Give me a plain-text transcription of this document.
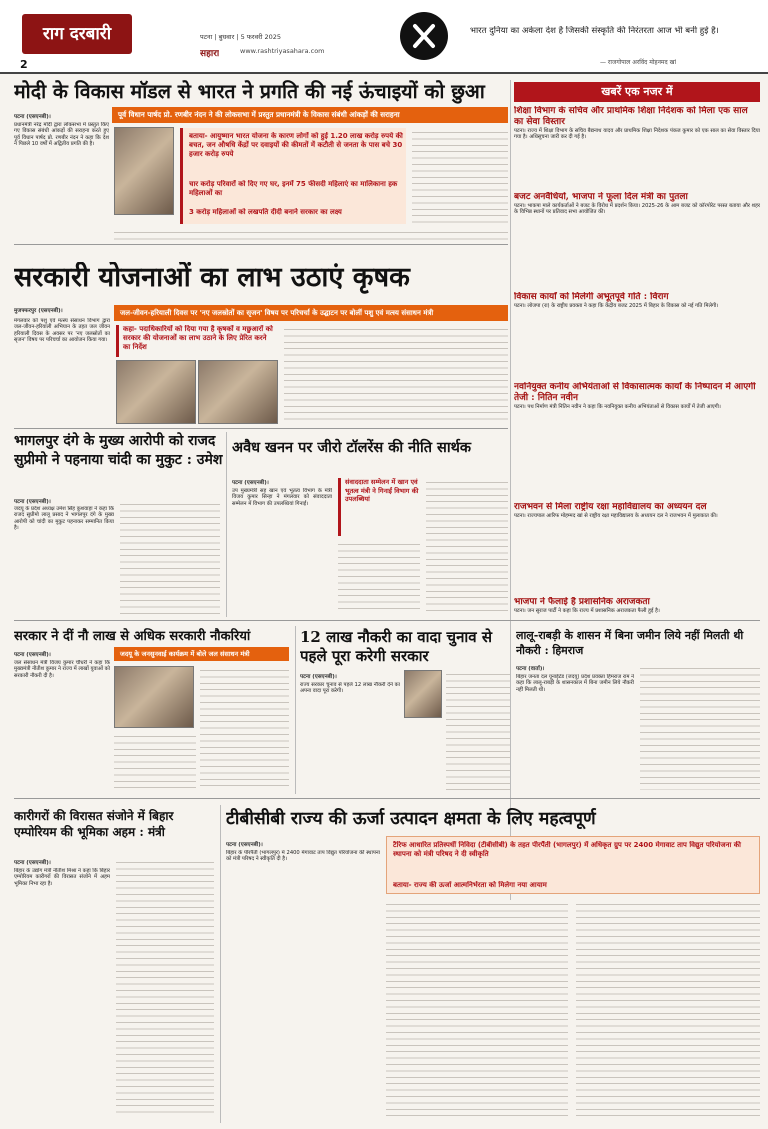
राग दरबारी
2
पटना | बुधवार | 5 फरवरी 2025
सहारा	www.rashtriyasahara.com
भारत दुनिया का अकेला देश है जिसकी संस्कृति की निरंतरता आज भी बनी हुई है।
— राजगोपाल अरविंद मोहनमद खां
खबरें एक नजर में
शिक्षा विभाग के सचिव और प्राथमिक शिक्षा निदेशक को मिला एक साल का सेवा विस्तार
पटना। राज्य में शिक्षा विभाग के सचिव बैद्यनाथ यादव और प्राथमिक शिक्षा निदेशक पंकज कुमार को एक साल का सेवा विस्तार दिया गया है। अधिसूचना जारी कर दी गई है।
बजट अनवैधियों, भाजपा ने फूला दिल मंत्री का पुतला
पटना। भाकपा माले कार्यकर्ताओं ने बजट के विरोध में प्रदर्शन किया। 2025-26 के आम बजट को कॉरपोरेट परस्त बताया और शहर के विभिन्न स्थानों पर प्रतिवाद सभा आयोजित की।
विकास कार्यों को मिलेगी अभूतपूर्व गति : विराग
पटना। लोजपा (रा) के राष्ट्रीय प्रवक्ता ने कहा कि केंद्रीय बजट 2025 में बिहार के विकास को नई गति मिलेगी।
नवनियुक्त कनीय अभियंताओं से विकासात्मक कार्यों के निष्पादन में आएगी तेजी : नितिन नवीन
पटना। पथ निर्माण मंत्री नितिन नवीन ने कहा कि नवनियुक्त कनीय अभियंताओं से विकास कार्यों में तेजी आएगी।
राजभवन से मिला राष्ट्रीय रक्षा महाविद्यालय का अध्ययन दल
पटना। राज्यपाल आरिफ मोहम्मद खां से राष्ट्रीय रक्षा महाविद्यालय के अध्ययन दल ने राजभवन में मुलाकात की।
भाजपा ने फैलाई है प्रशासनिक अराजकता
पटना। जन सुराज पार्टी ने कहा कि राज्य में प्रशासनिक अराजकता फैली हुई है।
मोदी के विकास मॉडल से भारत ने प्रगति की नई ऊंचाइयों को छुआ
पूर्व विधान पार्षद प्रो. रणबीर नंदन ने की लोकसभा में प्रस्तुत प्रधानमंत्री के विकास संबंधी आंकड़ों की सराहना
पटना (एसएनबी)।
प्रधानमंत्री नरेंद्र मोदी द्वारा लोकसभा में प्रस्तुत किए गए विकास संबंधी आंकड़ों की सराहना करते हुए पूर्व विधान पार्षद प्रो. रणबीर नंदन ने कहा कि देश ने पिछले 10 वर्षों में अद्वितीय प्रगति की है।
बताया- आयुष्मान भारत योजना के कारण लोगों को हुई 1.20 लाख करोड़ रुपये की बचत, जन औषधि केंद्रों पर दवाइयों की कीमतों में कटौती से जनता के पास बचे 30 हजार करोड़ रुपये
चार करोड़ परिवारों को दिए गए घर, इनमें 75 फीसदी महिलाएं का मालिकाना हक महिलाओं का
3 करोड़ महिलाओं को लखपति दीदी बनाने सरकार का लक्ष्य
सरकारी योजनाओं का लाभ उठाएं कृषक
जल-जीवन-हरियाली दिवस पर 'नए जलस्रोतों का सृजन' विषय पर परिचर्चा के उद्घाटन पर बोलीं पशु एवं मत्स्य संसाधन मंत्री
मुजफ्फरपुर (एसएनबी)।
मंगलवार को पशु एवं मत्स्य संसाधन विभाग द्वारा जल-जीवन-हरियाली अभियान के तहत जल जीवन हरियाली दिवस के अवसर पर 'नए जलस्रोतों का सृजन' विषय पर परिचर्चा का आयोजन किया गया।
कहा- पदाधिकारियों को दिया गया है कृषकों व मछुआरों को सरकार की योजनाओं का लाभ उठाने के लिए प्रेरित करने का निर्देश
भागलपुर दंगे के मुख्य आरोपी को राजद सुप्रीमो ने पहनाया चांदी का मुकुट : उमेश
पटना (एसएनबी)।
जदयू के प्रदेश अध्यक्ष उमेश सिंह कुशवाहा ने कहा कि राजद सुप्रीमो लालू प्रसाद ने भागलपुर दंगे के मुख्य आरोपी को चांदी का मुकुट पहनाकर सम्मानित किया है।
अवैध खनन पर जीरो टॉलरेंस की नीति सार्थक
पटना (एसएनबी)।
उप मुख्यमंत्री सह खान एवं भूतत्व विभाग के मंत्री विजय कुमार सिन्हा ने मंगलवार को संवाददाता सम्मेलन में विभाग की उपलब्धियां गिनाईं।
संवाददाता सम्मेलन में खान एवं भूतत्व मंत्री ने गिनाईं विभाग की उपलब्धियां
सरकार ने दीं नौ लाख से अधिक सरकारी नौकरियां
जदयू के जनसुनवाई कार्यक्रम में बोले जल संसाधन मंत्री
पटना (एसएनबी)।
जल संसाधन मंत्री विजय कुमार चौधरी ने कहा कि मुख्यमंत्री नीतीश कुमार ने राज्य में लाखों युवाओं को सरकारी नौकरी दी है।
12 लाख नौकरी का वादा चुनाव से पहले पूरा करेगी सरकार
पटना (एसएनबी)।
राज्य सरकार चुनाव से पहले 12 लाख नौकरी देने का अपना वादा पूरा करेगी।
लालू-राबड़ी के शासन में बिना जमीन लिये नहीं मिलती थी नौकरी : हिमराज
पटना (वार्ता)।
बिहार जनता दल यूनाईटेड (जदयू) प्रदेश प्रवक्ता हिमराज राम ने कहा कि लालू-राबड़ी के शासनकाल में बिना जमीन लिये नौकरी नहीं मिलती थी।
कारीगरों की विरासत संजोने में बिहार एम्पोरियम की भूमिका अहम : मंत्री
पटना (एसएनबी)।
बिहार के उद्योग मंत्री नीतीश मिश्रा ने कहा कि बिहार एम्पोरियम कारीगरों की विरासत संजोने में अहम भूमिका निभा रहा है।
टीबीसीबी राज्य की ऊर्जा उत्पादन क्षमता के लिए महत्वपूर्ण
टैरिफ आधारित प्रतिस्पर्धी निविदा (टीबीसीबी) के तहत पीरपैंती (भागलपुर) में अधिकृत ग्रुप पर 2400 मेगावाट ताप विद्युत परियोजना की स्थापना को मंत्री परिषद ने दी स्वीकृति
बताया- राज्य की ऊर्जा आत्मनिर्भरता को मिलेगा नया आयाम
पटना (एसएनबी)।
बिहार के पीरपैंती (भागलपुर) में 2400 मेगावाट ताप विद्युत परियोजना की स्थापना को मंत्री परिषद ने स्वीकृति दी है।
